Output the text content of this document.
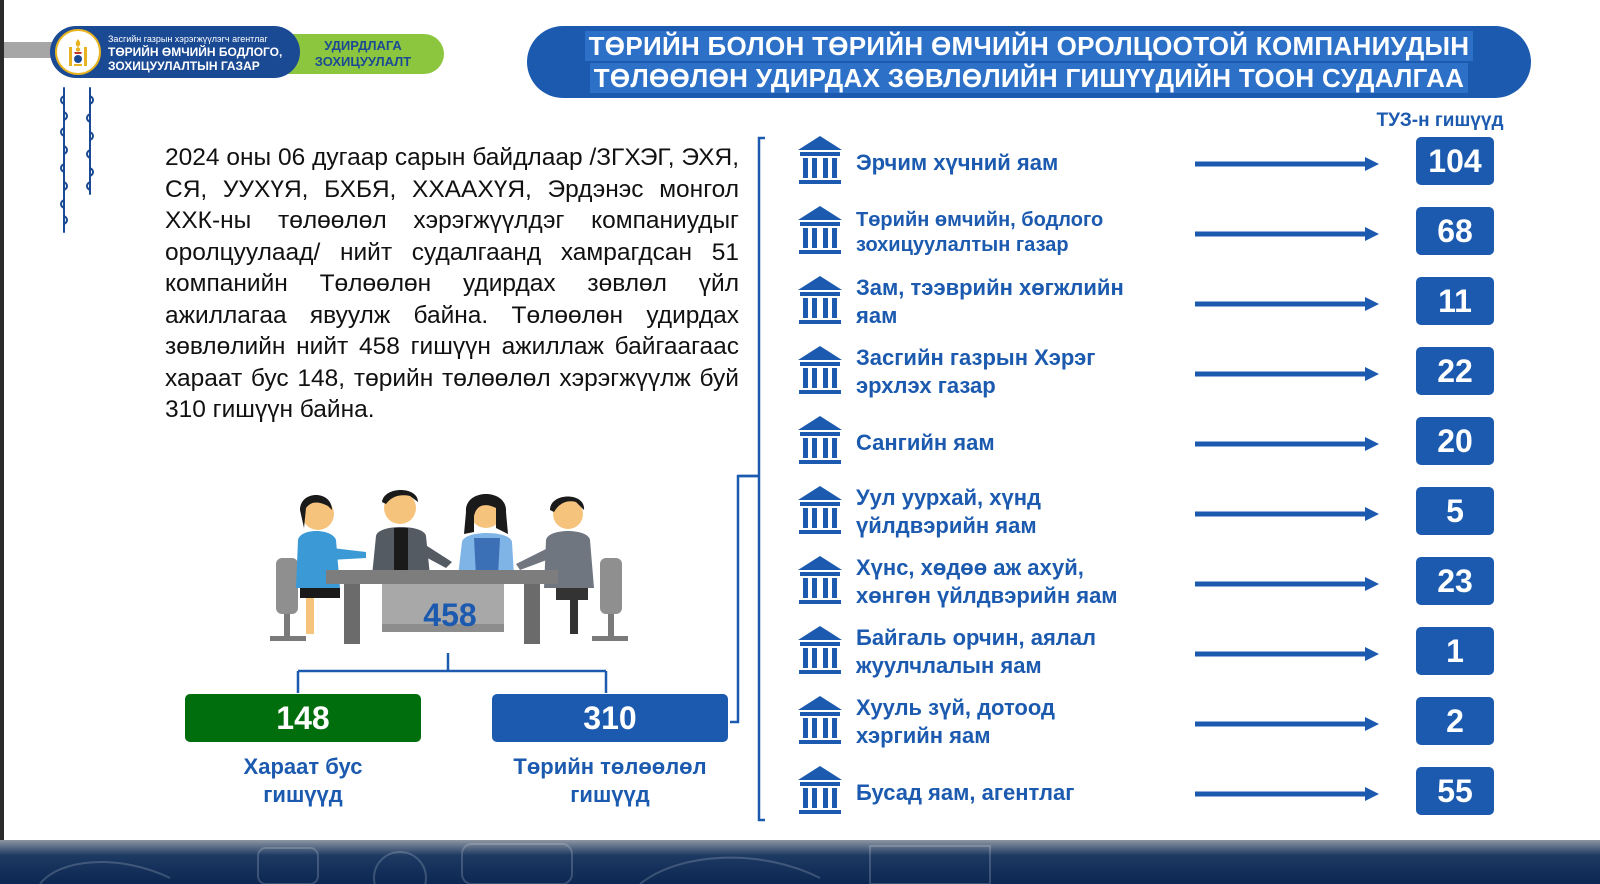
УДИРДЛАГА
ЗОХИЦУУЛАЛТ
Засгийн газрын хэрэгжүүлэгч агентлаг
ТӨРИЙН ӨМЧИЙН БОДЛОГО,
ЗОХИЦУУЛАЛТЫН ГАЗАР
ТӨРИЙН БОЛОН ТӨРИЙН ӨМЧИЙН ОРОЛЦООТОЙ КОМПАНИУДЫН
ТӨЛӨӨЛӨН УДИРДАХ ЗӨВЛӨЛИЙН ГИШҮҮДИЙН ТООН СУДАЛГАА
2024 оны 06 дугаар сарын байдлаар /ЗГХЭГ, ЭХЯ, СЯ, УУХҮЯ, БХБЯ, ХХААХҮЯ, Эрдэнэс монгол ХХК-ны төлөөлөл хэрэгжүүлдэг компаниудыг оролцуулаад/ нийт судалгаанд хамрагдсан 51 компанийн Төлөөлөн удирдах зөвлөл үйл ажиллагаа явуулж байна. Төлөөлөн удирдах зөвлөлийн нийт 458 гишүүн ажиллаж байгаагаас хараат бус 148, төрийн төлөөлөл хэрэгжүүлж буй 310 гишүүн байна.
458
148	310
Хараат бус
гишүүд
Төрийн төлөөлөл
гишүүд
ТУЗ-н гишүүд
Эрчим хүчний яам	104
Төрийн өмчийн, бодлого
зохицуулалтын газар	68
Зам, тээврийн хөгжлийн
яам	11
Засгийн газрын Хэрэг
эрхлэх газар	22
Сангийн яам	20
Уул уурхай, хүнд
үйлдвэрийн яам	5
Хүнс, хөдөө аж ахуй,
хөнгөн үйлдвэрийн яам	23
Байгаль орчин, аялал
жуулчлалын яам	1
Хууль зүй, дотоод
хэргийн яам	2
Бусад яам, агентлаг	55
